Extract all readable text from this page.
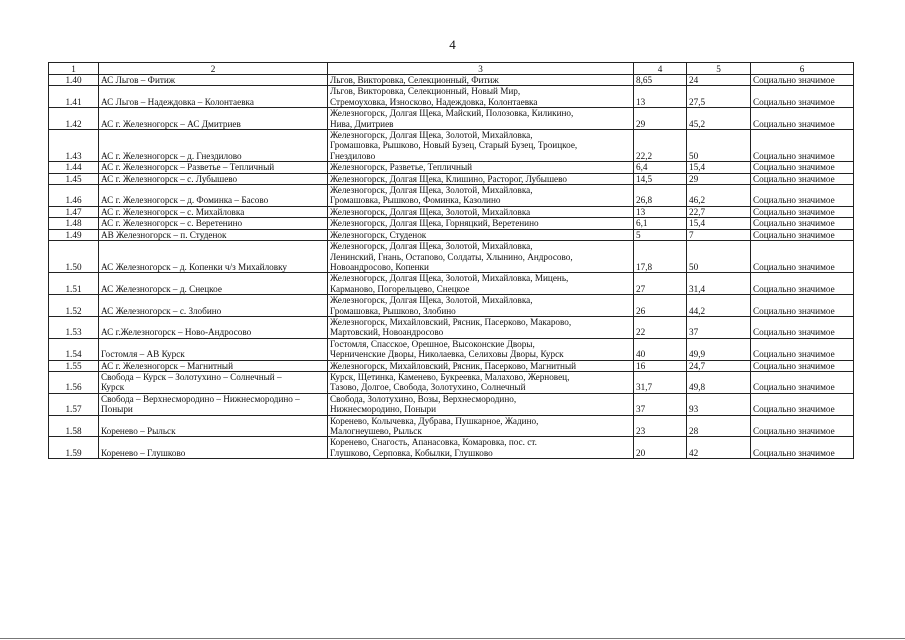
4
1	2	3	4	5	6
1.40	АС Льгов – Фитиж	Льгов, Викторовка, Селекционный, Фитиж	8,65	24	Социально значимое
1.41	АС Льгов – Надеждовка – Колонтаевка	Льгов, Викторовка, Селекционный, Новый Мир,
Стремоуховка, Износково, Надеждовка, Колонтаевка	13	27,5	Социально значимое
1.42	АС г. Железногорск – АС Дмитриев	Железногорск, Долгая Щека, Майский, Полозовка, Киликино,
Нива, Дмитриев	29	45,2	Социально значимое
1.43	АС г. Железногорск – д. Гнездилово	Железногорск, Долгая Щека, Золотой, Михайловка,
Громашовка, Рышково, Новый Бузец, Старый Бузец, Троицкое,
Гнездилово	22,2	50	Социально значимое
1.44	АС г. Железногорск – Разветье – Тепличный	Железногорск, Разветье, Тепличный	6,4	15,4	Социально значимое
1.45	АС г. Железногорск – с. Лубышево	Железногорск, Долгая Щека, Клишино, Расторог, Лубышево	14,5	29	Социально значимое
1.46	АС г. Железногорск – д. Фоминка – Басово	Железногорск, Долгая Щека, Золотой, Михайловка,
Громашовка, Рышково, Фоминка, Казолино	26,8	46,2	Социально значимое
1.47	АС г. Железногорск – с. Михайловка	Железногорск, Долгая Щека, Золотой, Михайловка	13	22,7	Социально значимое
1.48	АС г. Железногорск – с. Веретенино	Железногорск, Долгая Щека, Горняцкий, Веретенино	6,1	15,4	Социально значимое
1.49	АВ Железногорск – п. Студенок	Железногорск, Студенок	5	7	Социально значимое
1.50	АС Железногорск – д. Копенки ч/з Михайловку	Железногорск, Долгая Щека, Золотой, Михайловка,
Ленинский, Гнань, Остапово, Солдаты, Хлынино, Андросово,
Новоандросово, Копенки	17,8	50	Социально значимое
1.51	АС Железногорск – д. Снецкое	Железногорск, Долгая Щека, Золотой, Михайловка, Мицень,
Карманово, Погорельцево, Снецкое	27	31,4	Социально значимое
1.52	АС Железногорск – с. Злобино	Железногорск, Долгая Щека, Золотой, Михайловка,
Громашовка, Рышково, Злобино	26	44,2	Социально значимое
1.53	АС г.Железногорск – Ново-Андросово	Железногорск, Михайловский, Рясник, Пасерково, Макарово,
Мартовский, Новоандросово	22	37	Социально значимое
1.54	Гостомля – АВ Курск	Гостомля, Спасское, Орешное, Высоконские Дворы,
Черниченские Дворы, Николаевка, Селиховы Дворы, Курск	40	49,9	Социально значимое
1.55	АС г. Железногорск – Магнитный	Железногорск, Михайловский, Рясник, Пасерково, Магнитный	16	24,7	Социально значимое
1.56	Свобода – Курск – Золотухино – Солнечный –
Курск	Курск, Щетинка, Каменево, Букреевка, Малахово, Жерновец,
Тазово, Долгое, Свобода, Золотухино, Солнечный	31,7	49,8	Социально значимое
1.57	Свобода – Верхнесмородино – Нижнесмородино –
Поныри	Свобода, Золотухино, Возы, Верхнесмородино,
Нижнесмородино, Поныри	37	93	Социально значимое
1.58	Коренево – Рыльск	Коренево, Колычевка, Дубрава, Пушкарное, Жадино,
Малогнеушево, Рыльск	23	28	Социально значимое
1.59	Коренево – Глушково	Коренево, Снагость, Апанасовка, Комаровка, пос. ст.
Глушково, Серповка, Кобылки, Глушково	20	42	Социально значимое
